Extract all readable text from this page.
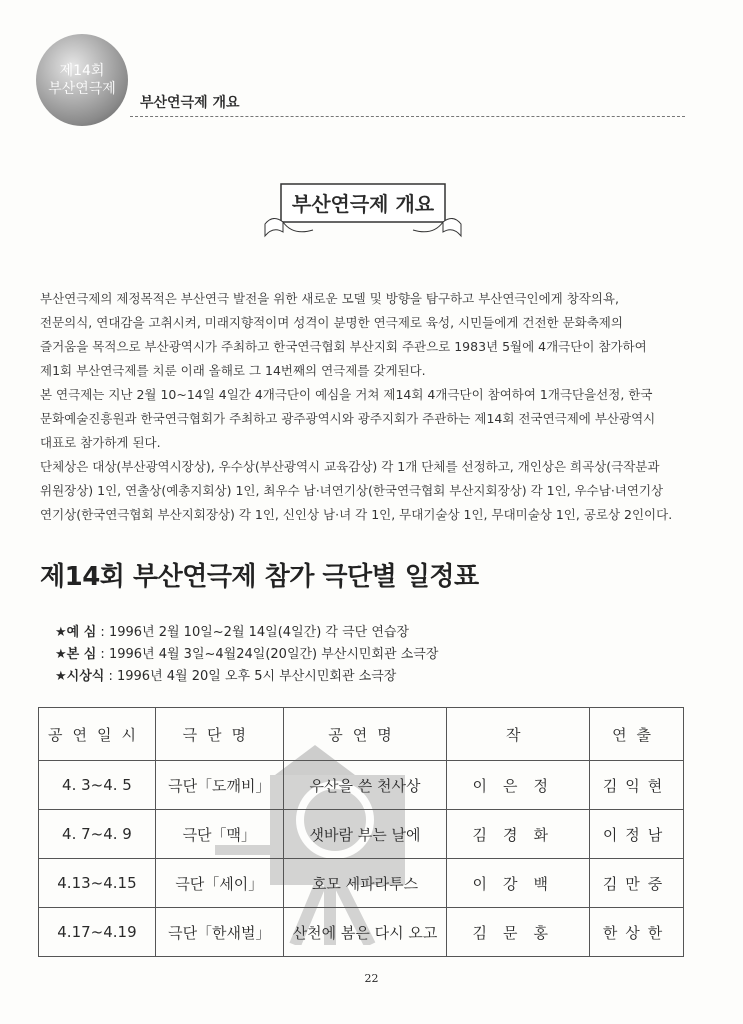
제14회
부산연극제
부산연극제 개요
부산연극제 개요
부산연극제의 제정목적은 부산연극 발전을 위한 새로운 모델 및 방향을 탐구하고 부산연극인에게 창작의욕,
전문의식, 연대감을 고취시켜, 미래지향적이며 성격이 분명한 연극제로 육성, 시민들에게 건전한 문화축제의
즐거움을 목적으로 부산광역시가 주최하고 한국연극협회 부산지회 주관으로 1983년 5월에 4개극단이 참가하여
제1회 부산연극제를 치룬 이래 올해로 그 14번째의 연극제를 갖게된다.
본 연극제는 지난 2월 10~14일 4일간 4개극단이 예심을 거쳐 제14회 4개극단이 참여하여 1개극단을선정, 한국
문화예술진흥원과 한국연극협회가 주최하고 광주광역시와 광주지회가 주관하는 제14회 전국연극제에 부산광역시
대표로 참가하게 된다.
단체상은 대상(부산광역시장상), 우수상(부산광역시 교육감상) 각 1개 단체를 선정하고, 개인상은 희곡상(극작분과
위원장상) 1인, 연출상(예총지회상) 1인, 최우수 남·녀연기상(한국연극협회 부산지회장상) 각 1인, 우수남·녀연기상
연기상(한국연극협회 부산지회장상) 각 1인, 신인상 남·녀 각 1인, 무대기술상 1인, 무대미술상 1인, 공로상 2인이다.
제14회 부산연극제 참가 극단별 일정표
★예 심 : 1996년 2월 10일~2월 14일(4일간) 각 극단 연습장
★본 심 : 1996년 4월 3일~4월24일(20일간) 부산시민회관 소극장
★시상식 : 1996년 4월 20일 오후 5시 부산시민회관 소극장
공연일시	극단명	공연명	작	연출
4. 3~4. 5	극단「도깨비」	우산을 쓴 천사상	이은정	김익현
4. 7~4. 9	극단「맥」	샛바람 부는 날에	김경화	이정남
4.13~4.15	극단「세이」	호모 세파라투스	이강백	김만중
4.17~4.19	극단「한새벌」	산천에 봄은 다시 오고	김문홍	한상한
22
